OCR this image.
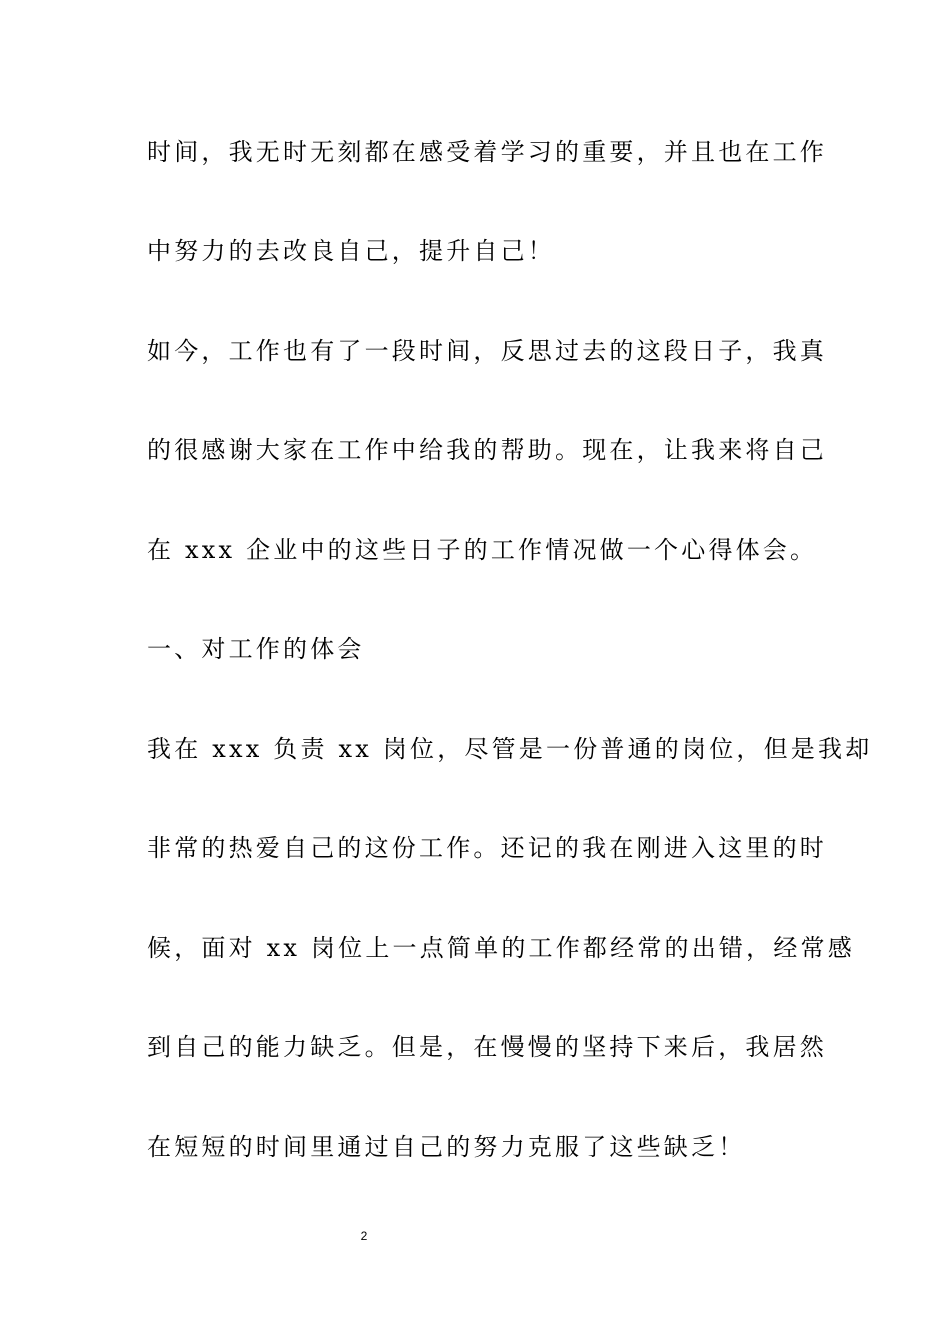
时间，我无时无刻都在感受着学习的重要，并且也在工作
中努力的去改良自己，提升自己！
如今，工作也有了一段时间，反思过去的这段日子，我真
的很感谢大家在工作中给我的帮助。现在，让我来将自己
在 xxx 企业中的这些日子的工作情况做一个心得体会。
一、对工作的体会
我在 xxx 负责 xx 岗位，尽管是一份普通的岗位，但是我却
非常的热爱自己的这份工作。还记的我在刚进入这里的时
候，面对 xx 岗位上一点简单的工作都经常的出错，经常感
到自己的能力缺乏。但是，在慢慢的坚持下来后，我居然
在短短的时间里通过自己的努力克服了这些缺乏！
2
